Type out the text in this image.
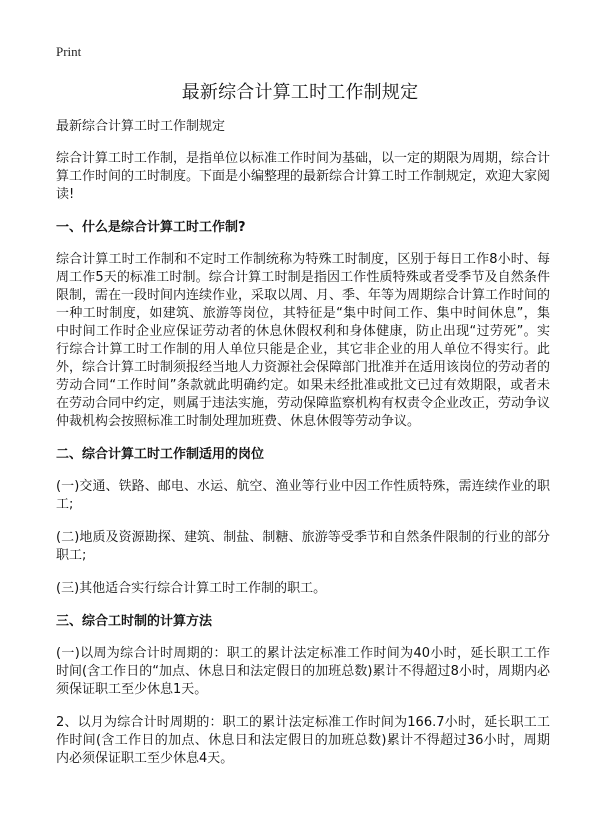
Print
最新综合计算工时工作制规定

最新综合计算工时工作制规定

综合计算工时工作制，是指单位以标准工作时间为基础，以一定的期限为周期，综合计算工作时间的工时制度。下面是小编整理的最新综合计算工时工作制规定，欢迎大家阅读!

一、什么是综合计算工时工作制?

综合计算工时工作制和不定时工作制统称为特殊工时制度，区别于每日工作8小时、每周工作5天的标准工时制。综合计算工时制是指因工作性质特殊或者受季节及自然条件限制，需在一段时间内连续作业，采取以周、月、季、年等为周期综合计算工作时间的一种工时制度，如建筑、旅游等岗位，其特征是“集中时间工作、集中时间休息”，集中时间工作时企业应保证劳动者的休息休假权利和身体健康，防止出现“过劳死”。实行综合计算工时工作制的用人单位只能是企业，其它非企业的用人单位不得实行。此外，综合计算工时制须报经当地人力资源社会保障部门批准并在适用该岗位的劳动者的劳动合同“工作时间”条款就此明确约定。如果未经批准或批文已过有效期限，或者未在劳动合同中约定，则属于违法实施，劳动保障监察机构有权责令企业改正，劳动争议仲裁机构会按照标准工时制处理加班费、休息休假等劳动争议。

二、综合计算工时工作制适用的岗位

(一)交通、铁路、邮电、水运、航空、渔业等行业中因工作性质特殊，需连续作业的职工;

(二)地质及资源勘探、建筑、制盐、制糖、旅游等受季节和自然条件限制的行业的部分职工;

(三)其他适合实行综合计算工时工作制的职工。

三、综合工时制的计算方法

(一)以周为综合计时周期的：职工的累计法定标准工作时间为40小时，延长职工工作时间(含工作日的“加点、休息日和法定假日的加班总数)累计不得超过8小时，周期内必须保证职工至少休息1天。

2、以月为综合计时周期的：职工的累计法定标准工作时间为166.7小时，延长职工工作时间(含工作日的加点、休息日和法定假日的加班总数)累计不得超过36小时，周期内必须保证职工至少休息4天。
